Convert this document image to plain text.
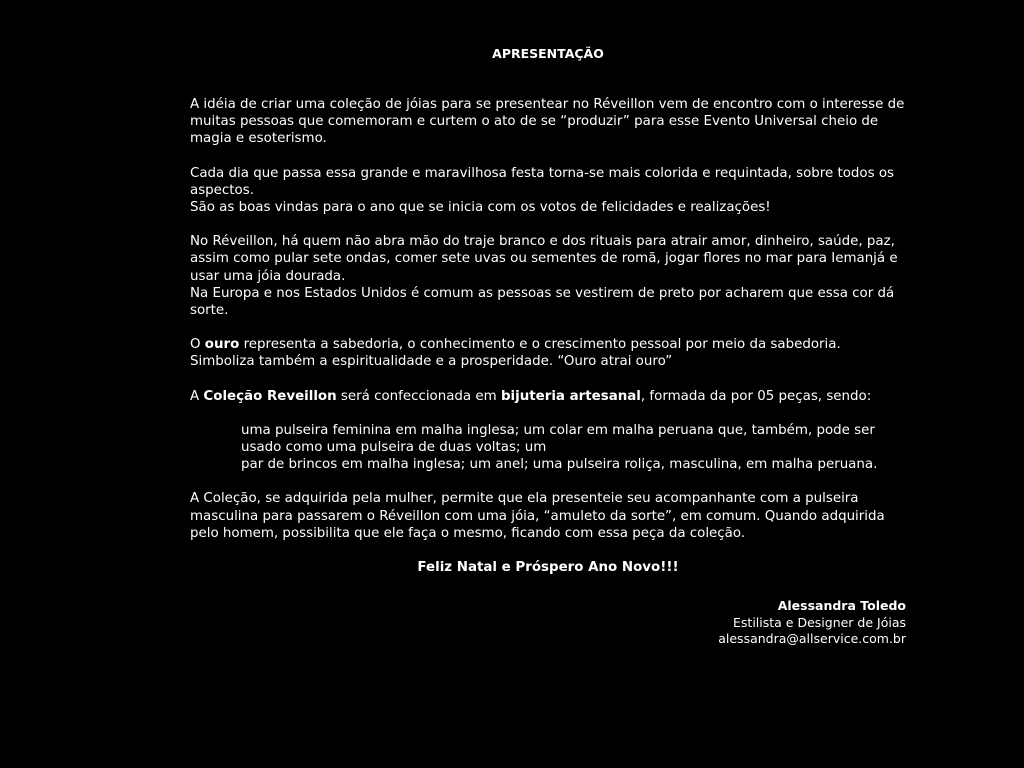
APRESENTAÇÃO

A idéia de criar uma coleção de jóias para se presentear no Réveillon vem de encontro com o interesse de muitas pessoas que comemoram e curtem o ato de se “produzir” para esse Evento Universal cheio de magia e esoterismo.

Cada dia que passa essa grande e maravilhosa festa torna-se mais colorida e requintada, sobre todos os aspectos.

São as boas vindas para o ano que se inicia com os votos de felicidades e realizações!

No Réveillon, há quem não abra mão do traje branco e dos rituais para atrair amor, dinheiro, saúde, paz, assim como pular sete ondas, comer sete uvas ou sementes de romã, jogar flores no mar para Iemanjá e usar uma jóia dourada.

Na Europa e nos Estados Unidos é comum as pessoas se vestirem de preto por acharem que essa cor dá sorte.

O ouro representa a sabedoria, o conhecimento e o crescimento pessoal por meio da sabedoria. Simboliza também a espiritualidade e a prosperidade. “Ouro atrai ouro”

A Coleção Reveillon será confeccionada em bijuteria artesanal, formada da por 05 peças, sendo:

uma pulseira feminina em malha inglesa; um colar em malha peruana que, também, pode ser usado como uma pulseira de duas voltas; um

par de brincos em malha inglesa; um anel; uma pulseira roliça, masculina, em malha peruana.

A Coleção, se adquirida pela mulher, permite que ela presenteie seu acompanhante com a pulseira masculina para passarem o Réveillon com uma jóia, “amuleto da sorte”, em comum. Quando adquirida pelo homem, possibilita que ele faça o mesmo, ficando com essa peça da coleção.

Feliz Natal e Próspero Ano Novo!!!

Alessandra Toledo
Estilista e Designer de Jóias
alessandra@allservice.com.br
